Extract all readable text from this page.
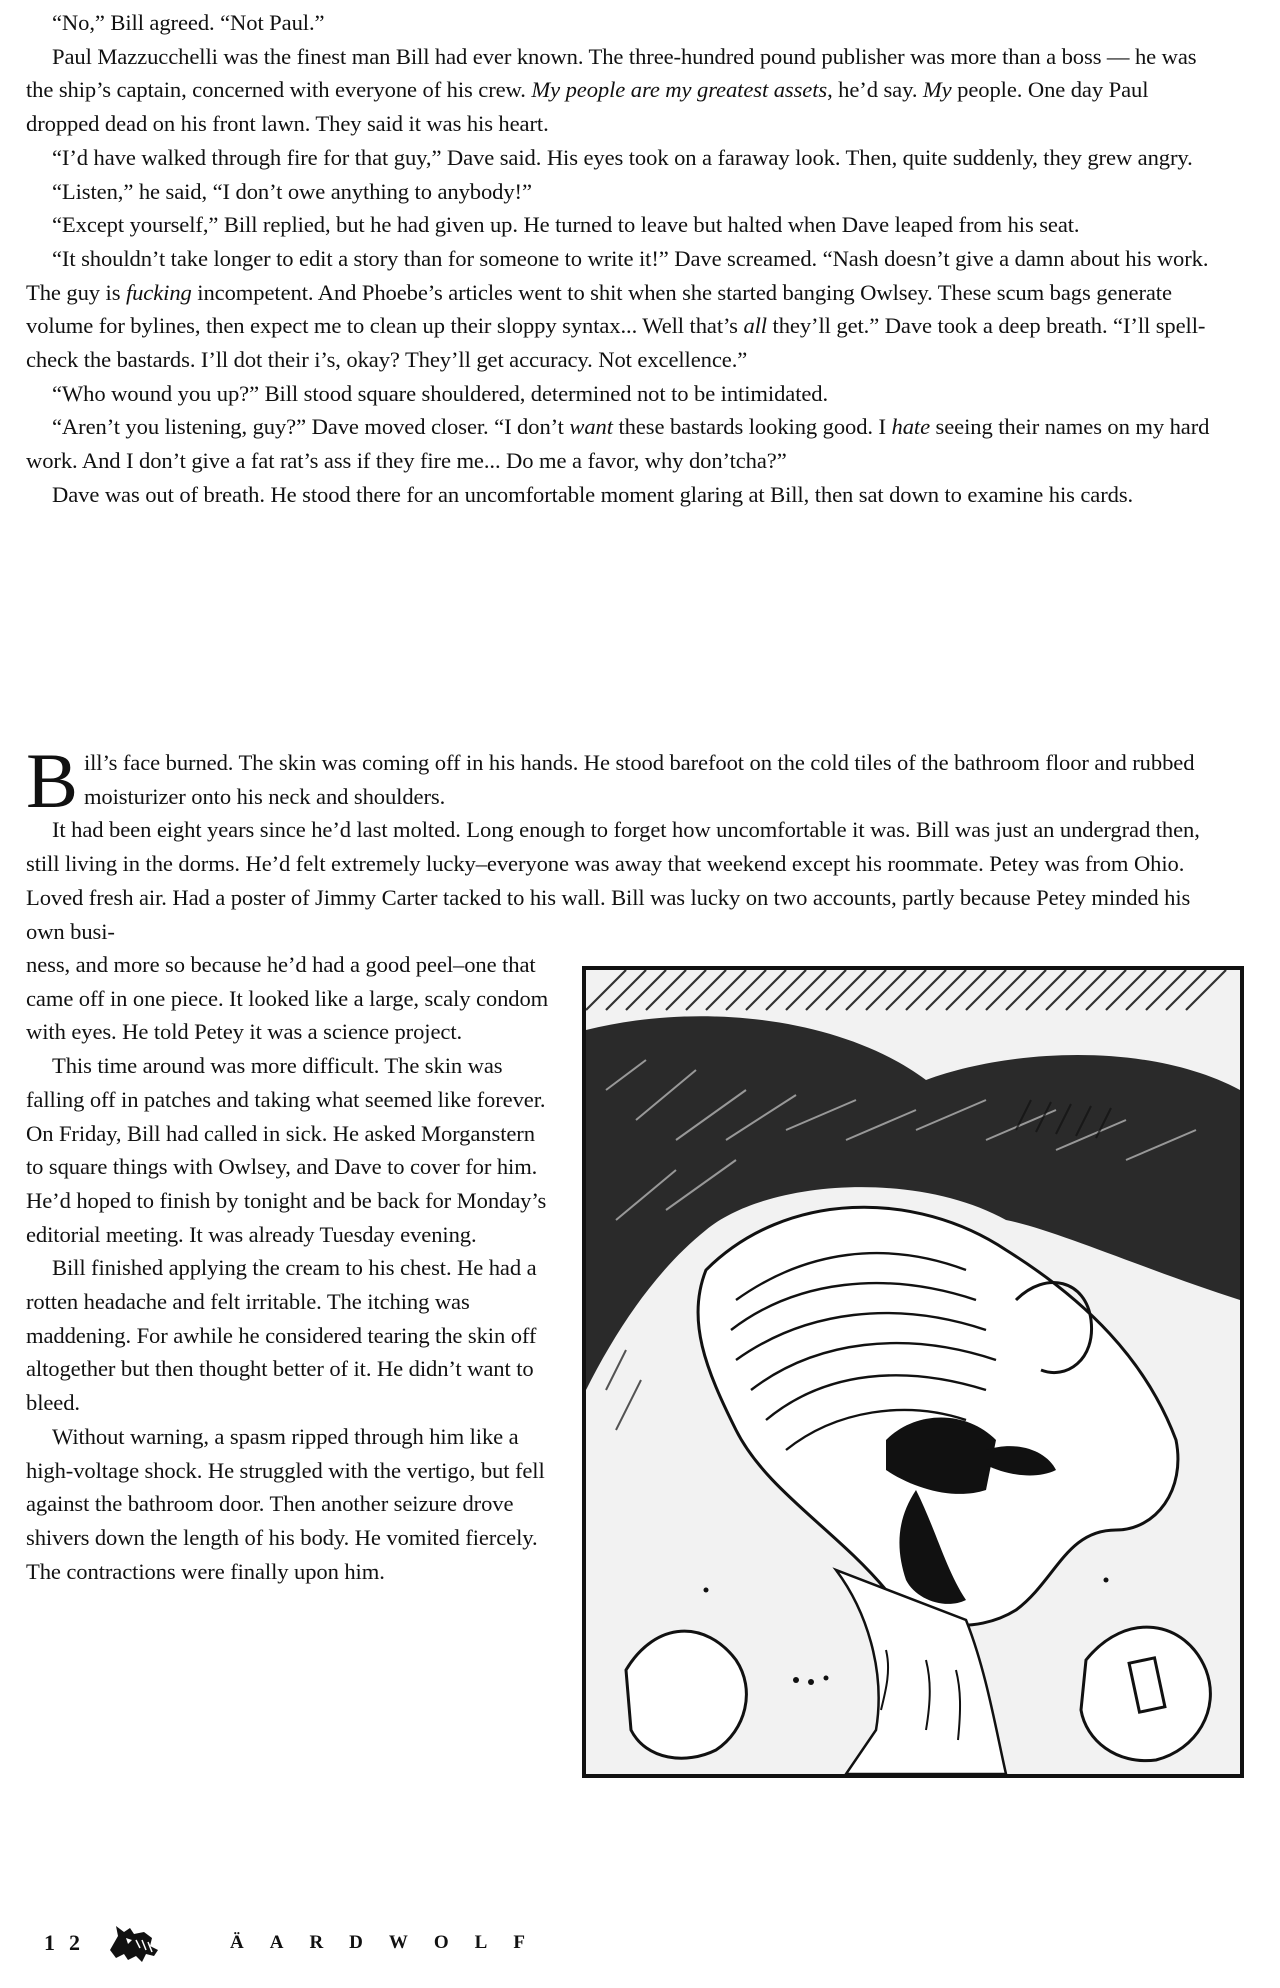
“No,” Bill agreed. “Not Paul.”

Paul Mazzucchelli was the finest man Bill had ever known. The three-hundred pound publisher was more than a boss — he was the ship’s captain, concerned with everyone of his crew. My people are my greatest assets, he’d say. My people. One day Paul dropped dead on his front lawn. They said it was his heart.

“I’d have walked through fire for that guy,” Dave said. His eyes took on a faraway look. Then, quite suddenly, they grew angry.

“Listen,” he said, “I don’t owe anything to anybody!”

“Except yourself,” Bill replied, but he had given up. He turned to leave but halted when Dave leaped from his seat.

“It shouldn’t take longer to edit a story than for someone to write it!” Dave screamed. “Nash doesn’t give a damn about his work. The guy is fucking incompetent. And Phoebe’s articles went to shit when she started banging Owlsey. These scum bags generate volume for bylines, then expect me to clean up their sloppy syntax... Well that’s all they’ll get.” Dave took a deep breath. “I’ll spell-check the bastards. I’ll dot their i’s, okay? They’ll get accuracy. Not excellence.”

“Who wound you up?” Bill stood square shouldered, determined not to be intimidated.

“Aren’t you listening, guy?” Dave moved closer. “I don’t want these bastards looking good. I hate seeing their names on my hard work. And I don’t give a fat rat’s ass if they fire me... Do me a favor, why don’tcha?”

Dave was out of breath. He stood there for an uncomfortable moment glaring at Bill, then sat down to examine his cards.

Bill’s face burned. The skin was coming off in his hands. He stood barefoot on the cold tiles of the bathroom floor and rubbed moisturizer onto his neck and shoulders.

It had been eight years since he’d last molted. Long enough to forget how uncomfortable it was. Bill was just an undergrad then, still living in the dorms. He’d felt extremely lucky–everyone was away that weekend except his roommate. Petey was from Ohio. Loved fresh air. Had a poster of Jimmy Carter tacked to his wall. Bill was lucky on two accounts, partly because Petey minded his own busi-

ness, and more so because he’d had a good peel–one that came off in one piece. It looked like a large, scaly condom with eyes. He told Petey it was a science project.

This time around was more difficult. The skin was falling off in patches and taking what seemed like forever. On Friday, Bill had called in sick. He asked Morganstern to square things with Owlsey, and Dave to cover for him. He’d hoped to finish by tonight and be back for Monday’s editorial meeting. It was already Tuesday evening.

Bill finished applying the cream to his chest. He had a rotten headache and felt irritable. The itching was maddening. For awhile he considered tearing the skin off altogether but then thought better of it. He didn’t want to bleed.

Without warning, a spasm ripped through him like a high-voltage shock. He struggled with the vertigo, but fell against the bathroom door. Then another seizure drove shivers down the length of his body. He vomited fiercely. The contractions were finally upon him.

12	ÄARDWOLF
